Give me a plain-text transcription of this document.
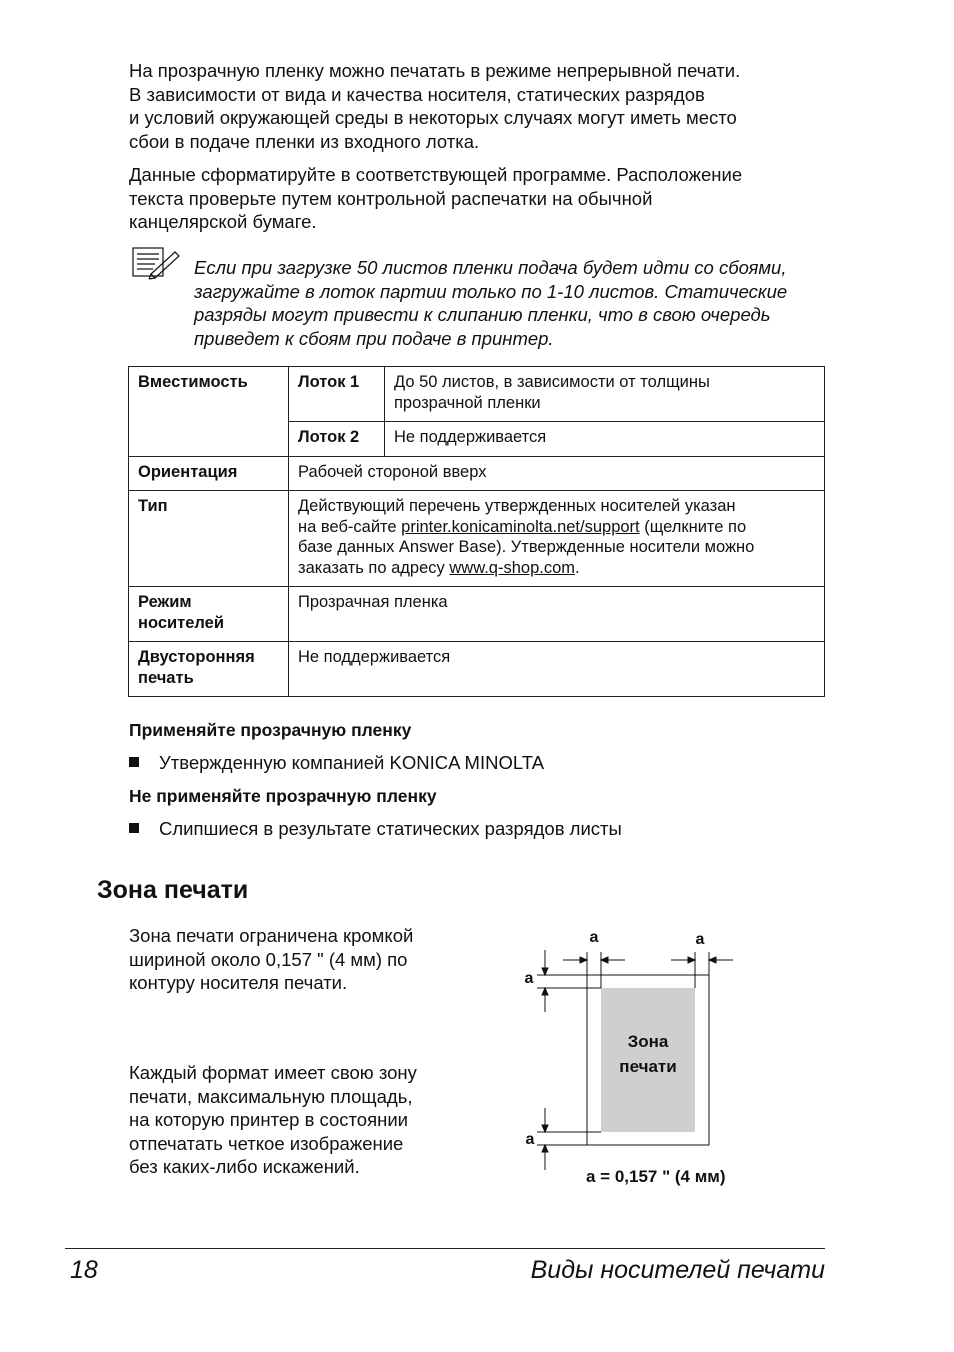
На прозрачную пленку можно печатать в режиме непрерывной печати.
В зависимости от вида и качества носителя, статических разрядов
и условий окружающей среды в некоторых случаях могут иметь место
сбои в подаче пленки из входного лотка.
Данные сформатируйте в соответствующей программе. Расположение
текста проверьте путем контрольной распечатки на обычной
канцелярской бумаге.
Если при загрузке 50 листов пленки подача будет идти со сбоями,
загружайте в лоток партии только по 1-10 листов. Статические
разряды могут привести к слипанию пленки, что в свою очередь
приведет к сбоям при подаче в принтер.
Вместимость	Лоток 1	До 50 листов, в зависимости от толщины
прозрачной пленки

	Лоток 2	Не поддерживается
Ориентация	Рабочей стороной вверх	
Тип	Действующий перечень утвержденных носителей указан
на веб-сайте printer.konicaminolta.net/support (щелкните по
базе данных Answer Base). Утвержденные носители можно
заказать по адресу www.q-shop.com.	

Режим
носителей	Прозрачная пленка	

Двусторонняя
печать	Не поддерживается	
Применяйте прозрачную пленку
Утвержденную компанией KONICA MINOLTA
Не применяйте прозрачную пленку
Слипшиеся в результате статических разрядов листы
Зона печати
Зона печати ограничена кромкой
шириной около 0,157 " (4 мм) по
контуру носителя печати.
Каждый формат имеет свою зону
печати, максимальную площадь,
на которую принтер в состоянии
отпечатать четкое изображение
без каких-либо искажений.
Зона
печати
a	a
a
a
a = 0,157 " (4 мм)
18	Виды носителей печати
